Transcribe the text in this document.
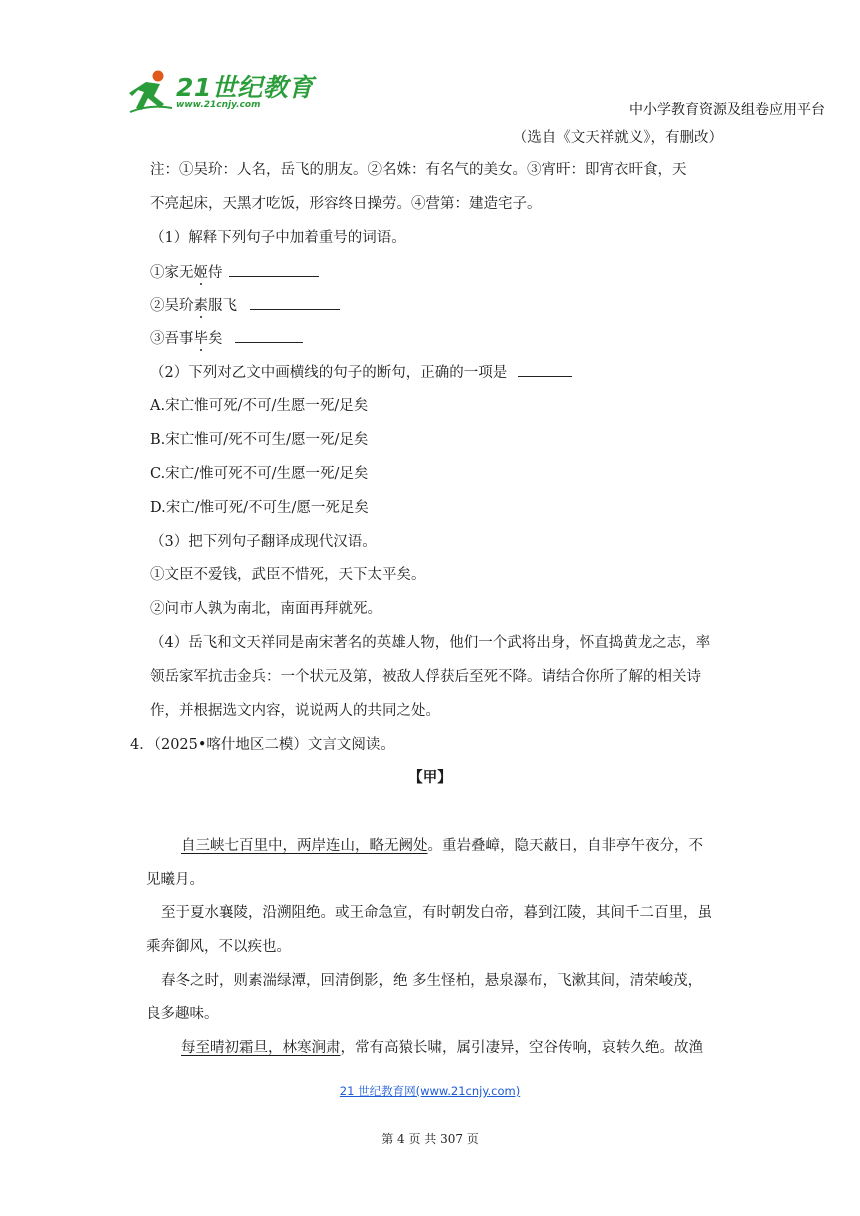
21世纪教育
www.21cnjy.com	中小学教育资源及组卷应用平台
（选自《文天祥就义》，有删改）
注：①吴玠：人名，岳飞的朋友。②名姝：有名气的美女。③宵旰：即宵衣旰食，天
不亮起床，天黑才吃饭，形容终日操劳。④营第：建造宅子。
（1）解释下列句子中加着重号的词语。
①家无姬侍
②吴玠素服飞
③吾事毕矣
（2）下列对乙文中画横线的句子的断句，正确的一项是
A.宋亡惟可死/不可/生愿一死/足矣
B.宋亡惟可/死不可生/愿一死/足矣
C.宋亡/惟可死不可/生愿一死/足矣
D.宋亡/惟可死/不可生/愿一死足矣
（3）把下列句子翻译成现代汉语。
①文臣不爱钱，武臣不惜死，天下太平矣。
②问市人孰为南北，南面再拜就死。
（4）岳飞和文天祥同是南宋著名的英雄人物，他们一个武将出身，怀直捣黄龙之志，率
领岳家军抗击金兵：一个状元及第，被敌人俘获后至死不降。请结合你所了解的相关诗
作，并根据选文内容，说说两人的共同之处。
4．（2025•喀什地区二模）文言文阅读。
【甲】
自三峡七百里中，两岸连山，略无阙处。重岩叠嶂，隐天蔽日，自非亭午夜分，不
见曦月。
至于夏水襄陵，沿溯阻绝。或王命急宣，有时朝发白帝，暮到江陵，其间千二百里，虽
乘奔御风，不以疾也。
春冬之时，则素湍绿潭，回清倒影，绝 多生怪柏，悬泉瀑布，飞漱其间，清荣峻茂，
良多趣味。
每至晴初霜旦，林寒涧肃，常有高猿长啸，属引凄异，空谷传响，哀转久绝。故渔
21 世纪教育网(www.21cnjy.com)
第 4 页 共 307 页
